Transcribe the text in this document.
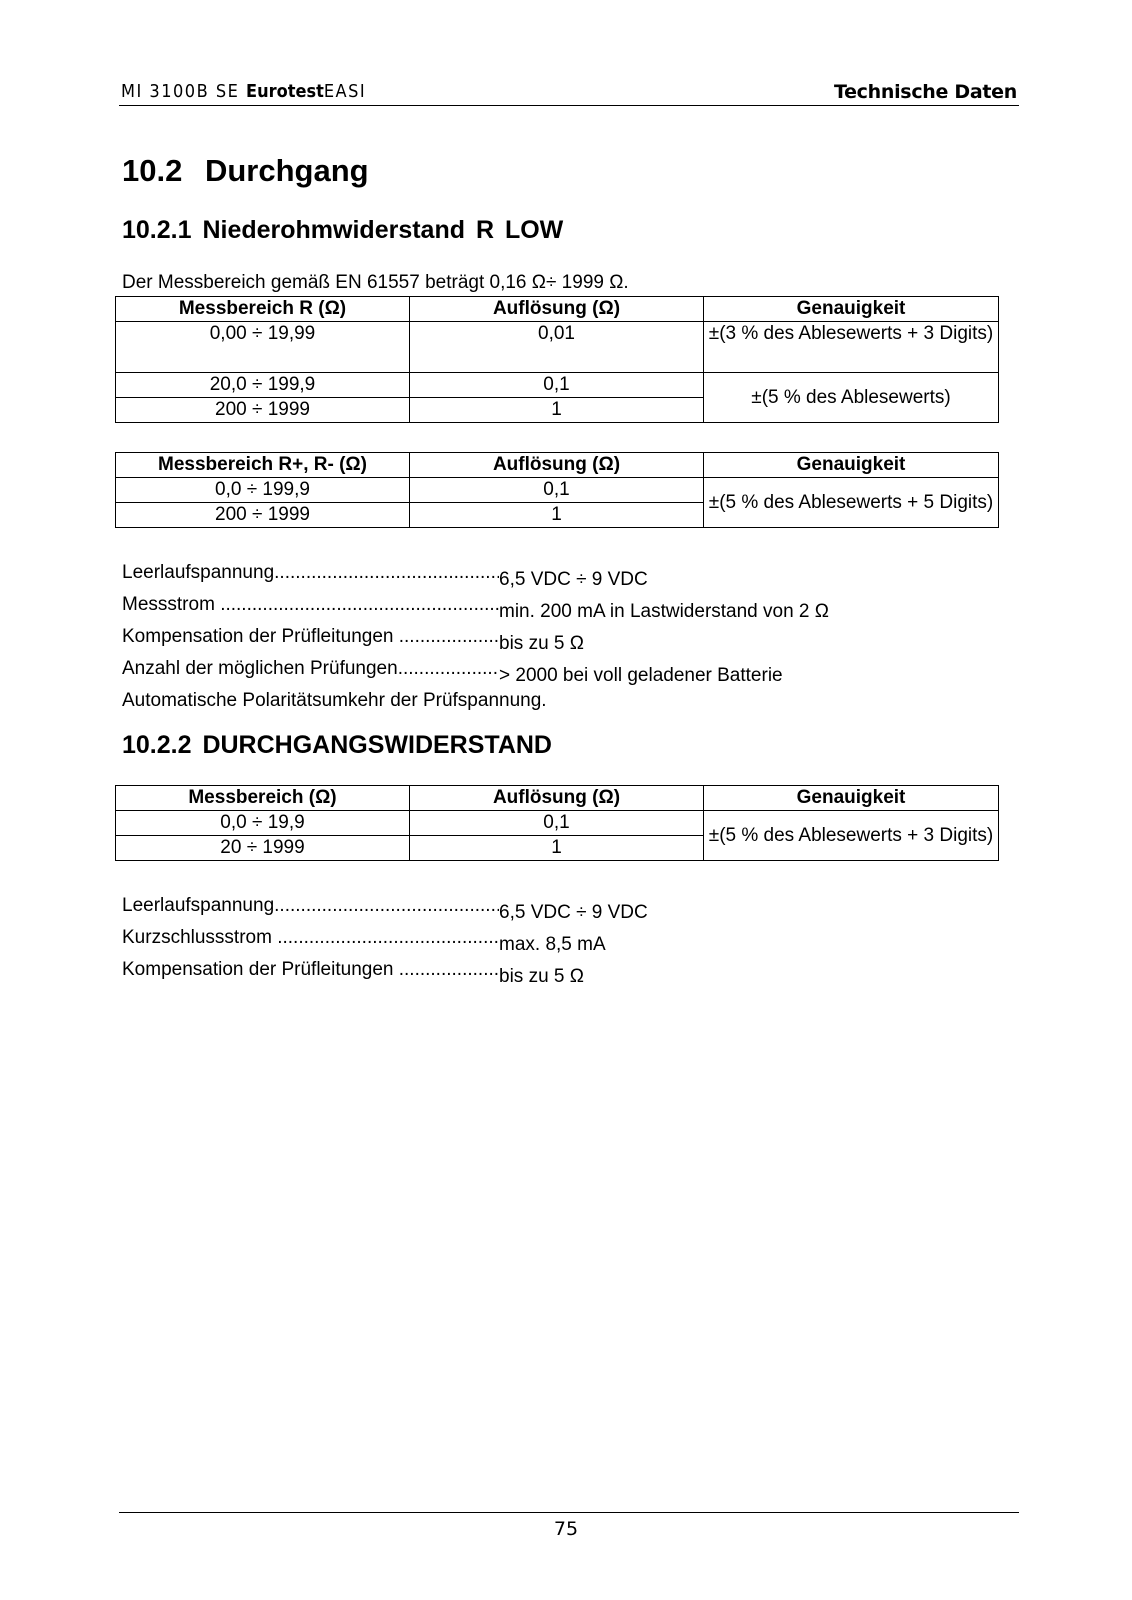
MI 3100B SE EurotestEASI	Technische Daten
10.2 Durchgang
10.2.1 Niederohmwiderstand R LOW
Der Messbereich gemäß EN 61557 beträgt 0,16 Ω÷ 1999 Ω.
Messbereich R (Ω)	Auflösung (Ω)	Genauigkeit
0,00 ÷ 19,99	0,01	±(3 % des Ablesewerts + 3 Digits)
20,0 ÷ 199,9	0,1	±(5 % des Ablesewerts)
200 ÷ 1999	1	
Messbereich R+, R- (Ω)	Auflösung (Ω)	Genauigkeit
0,0 ÷ 199,9	0,1	±(5 % des Ablesewerts + 5 Digits)
200 ÷ 1999	1	
Leerlaufspannung .....	6,5 VDC ÷ 9 VDC
Messstrom .....	min. 200 mA in Lastwiderstand von 2 Ω
Kompensation der Prüfleitungen .....	bis zu 5 Ω
Anzahl der möglichen Prüfungen .....	> 2000 bei voll geladener Batterie
Automatische Polaritätsumkehr der Prüfspannung.
10.2.2 DURCHGANGSWIDERSTAND
Messbereich (Ω)	Auflösung (Ω)	Genauigkeit
0,0 ÷ 19,9	0,1	±(5 % des Ablesewerts + 3 Digits)
20 ÷ 1999	1	
Leerlaufspannung .....	6,5 VDC ÷ 9 VDC
Kurzschlussstrom .....	max. 8,5 mA
Kompensation der Prüfleitungen .....	bis zu 5 Ω
75
